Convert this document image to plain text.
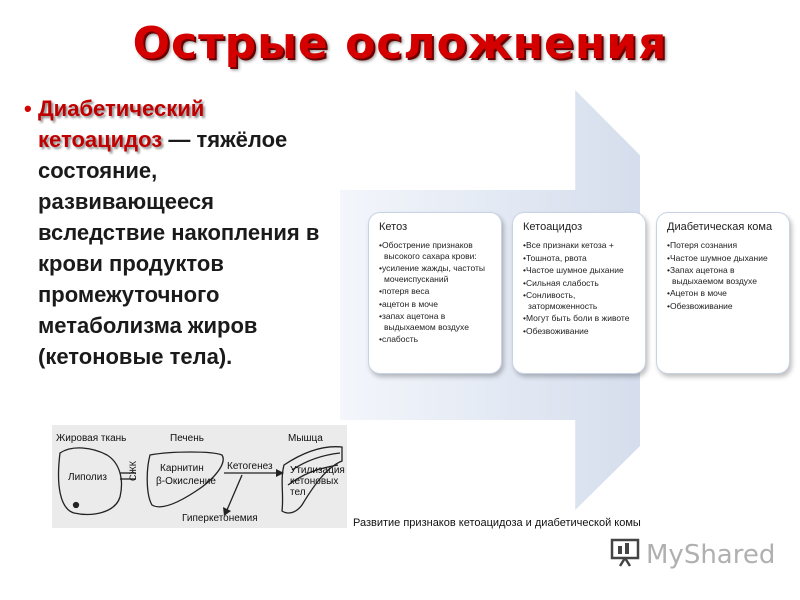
Острые осложнения
• Диабетический
кетоацидоз — тяжёлое состояние, развивающееся вследствие накопления в крови продуктов промежуточного метаболизма жиров (кетоновые тела).
Кетоз
• Обострение признаков высокого сахара крови:
• усиление жажды, частоты мочеиспусканий
• потеря веса
• ацетон в моче
• запах ацетона в выдыхаемом воздухе
• слабость
Кетоацидоз
• Все признаки кетоза +
• Тошнота, рвота
• Частое шумное дыхание
• Сильная слабость
• Сонливость, заторможенность
• Могут быть боли в животе
• Обезвоживание
Диабетическая кома
• Потеря сознания
• Частое шумное дыхание
• Запах ацетона в выдыхаемом воздухе
• Ацетон в моче
• Обезвоживание
Развитие признаков кетоацидоза и диабетической комы
Жировая ткань	Печень	Мышца
Липолиз СЖК Карнитин
β-Окисление
Кетогенез Утилизация
кетоновых
тел
Гиперкетонемия
MyShared
